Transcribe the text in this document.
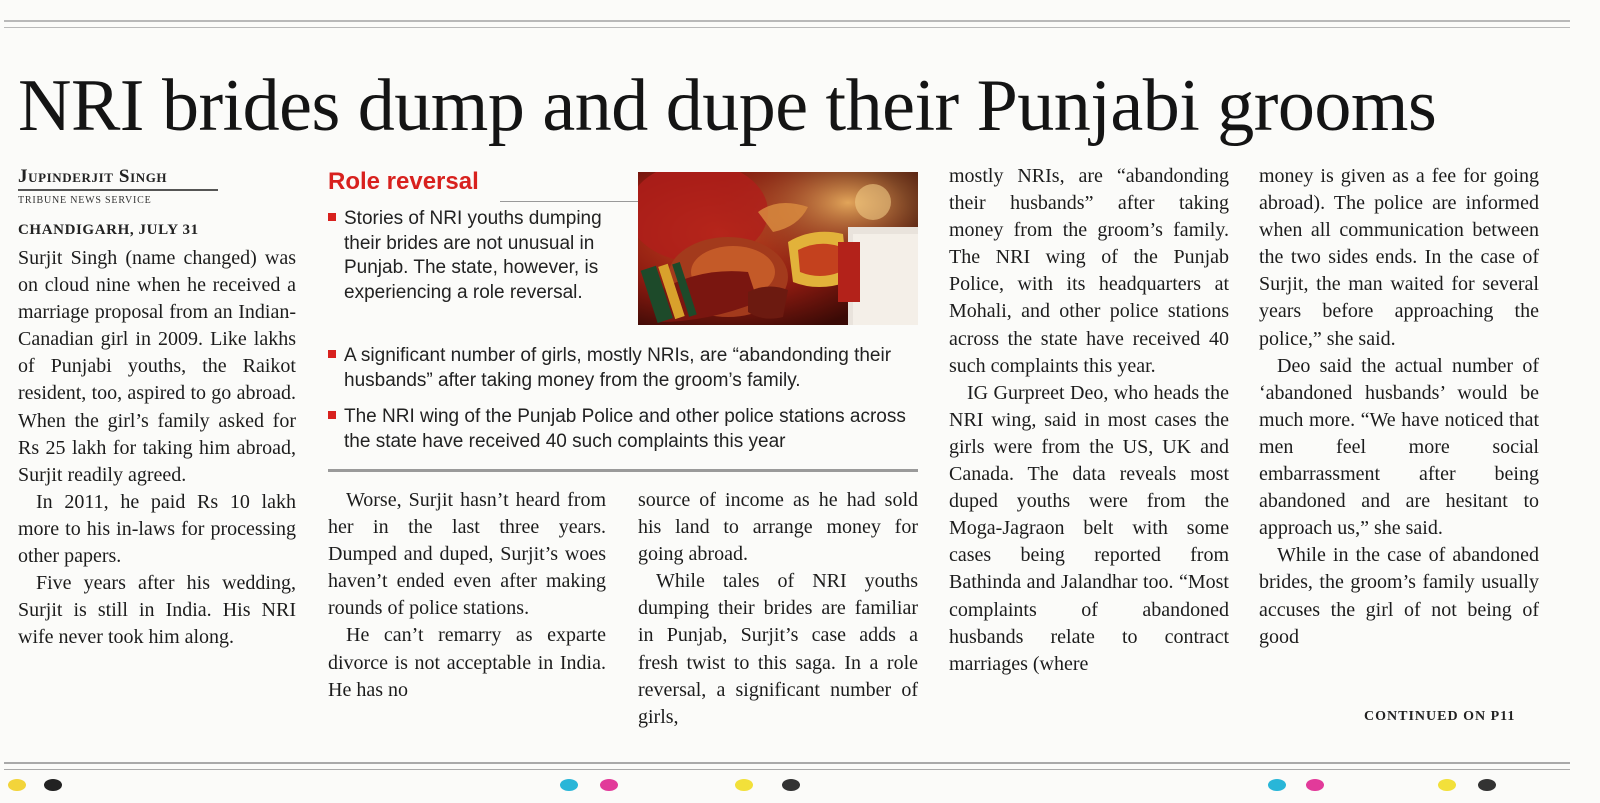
NRI brides dump and dupe their Punjabi grooms
Jupinderjit Singh
TRIBUNE NEWS SERVICE
CHANDIGARH, JULY 31

Surjit Singh (name changed) was on cloud nine when he received a marriage proposal from an Indian-Canadian girl in 2009. Like lakhs of Punjabi youths, the Raikot resident, too, aspired to go abroad. When the girl’s family asked for Rs 25 lakh for taking him abroad, Surjit readily agreed.

In 2011, he paid Rs 10 lakh more to his in-laws for processing other papers.

Five years after his wedding, Surjit is still in India. His NRI wife never took him along.

Role reversal
Stories of NRI youths dumping their brides are not unusual in Punjab. The state, however, is experiencing a role reversal.
A significant number of girls, mostly NRIs, are “abandonding their husbands” after taking money from the groom’s family.
The NRI wing of the Punjab Police and other police stations across the state have received 40 such complaints this year

Worse, Surjit hasn’t heard from her in the last three years. Dumped and duped, Surjit’s woes haven’t ended even after making rounds of police stations.

He can’t remarry as exparte divorce is not acceptable in India. He has no

source of income as he had sold his land to arrange money for going abroad.

While tales of NRI youths dumping their brides are familiar in Punjab, Surjit’s case adds a fresh twist to this saga. In a role reversal, a significant number of girls,

mostly NRIs, are “abandonding their husbands” after taking money from the groom’s family. The NRI wing of the Punjab Police, with its headquarters at Mohali, and other police stations across the state have received 40 such complaints this year.

IG Gurpreet Deo, who heads the NRI wing, said in most cases the girls were from the US, UK and Canada. The data reveals most duped youths were from the Moga-Jagraon belt with some cases being reported from Bathinda and Jalandhar too. “Most complaints of abandoned husbands relate to contract marriages (where

money is given as a fee for going abroad). The police are informed when all communication between the two sides ends. In the case of Surjit, the man waited for several years before approaching the police,” she said.

Deo said the actual number of ‘abandoned husbands’ would be much more. “We have noticed that men feel more social embarrassment after being abandoned and are hesitant to approach us,” she said.

While in the case of abandoned brides, the groom’s family usually accuses the girl of not being of good

CONTINUED ON P11
